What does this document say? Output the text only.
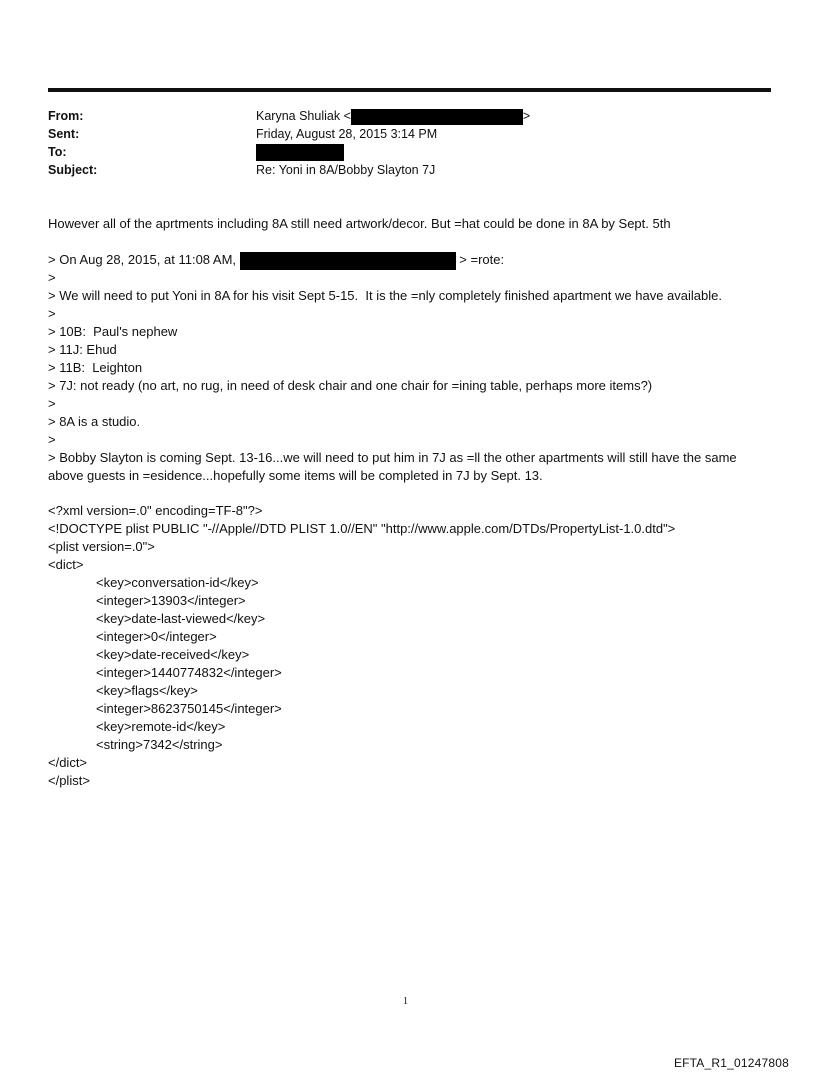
From:	Karyna Shuliak <	>
Sent:	Friday, August 28, 2015 3:14 PM
To:
Subject:	Re: Yoni in 8A/Bobby Slayton 7J
However all of the aprtments including 8A still need artwork/decor. But =hat could be done in 8A by Sept. 5th
> On Aug 28, 2015, at 11:08 AM,	> =rote:
>
> We will need to put Yoni in 8A for his visit Sept 5-15.  It is the =nly completely finished apartment we have available.
>
> 10B:  Paul's nephew
> 11J: Ehud
> 11B:  Leighton
> 7J: not ready (no art, no rug, in need of desk chair and one chair for =ining table, perhaps more items?)
>
> 8A is a studio.
>
> Bobby Slayton is coming Sept. 13-16...we will need to put him in 7J as =ll the other apartments will still have the same above guests in =esidence...hopefully some items will be completed in 7J by Sept. 13.
<?xml version=.0" encoding=TF-8"?>
<!DOCTYPE plist PUBLIC "-//Apple//DTD PLIST 1.0//EN" "http://www.apple.com/DTDs/PropertyList-1.0.dtd">
<plist version=.0">
<dict>
<key>conversation-id</key>
<integer>13903</integer>
<key>date-last-viewed</key>
<integer>0</integer>
<key>date-received</key>
<integer>1440774832</integer>
<key>flags</key>
<integer>8623750145</integer>
<key>remote-id</key>
<string>7342</string>
</dict>
</plist>
1
EFTA_R1_01247808
